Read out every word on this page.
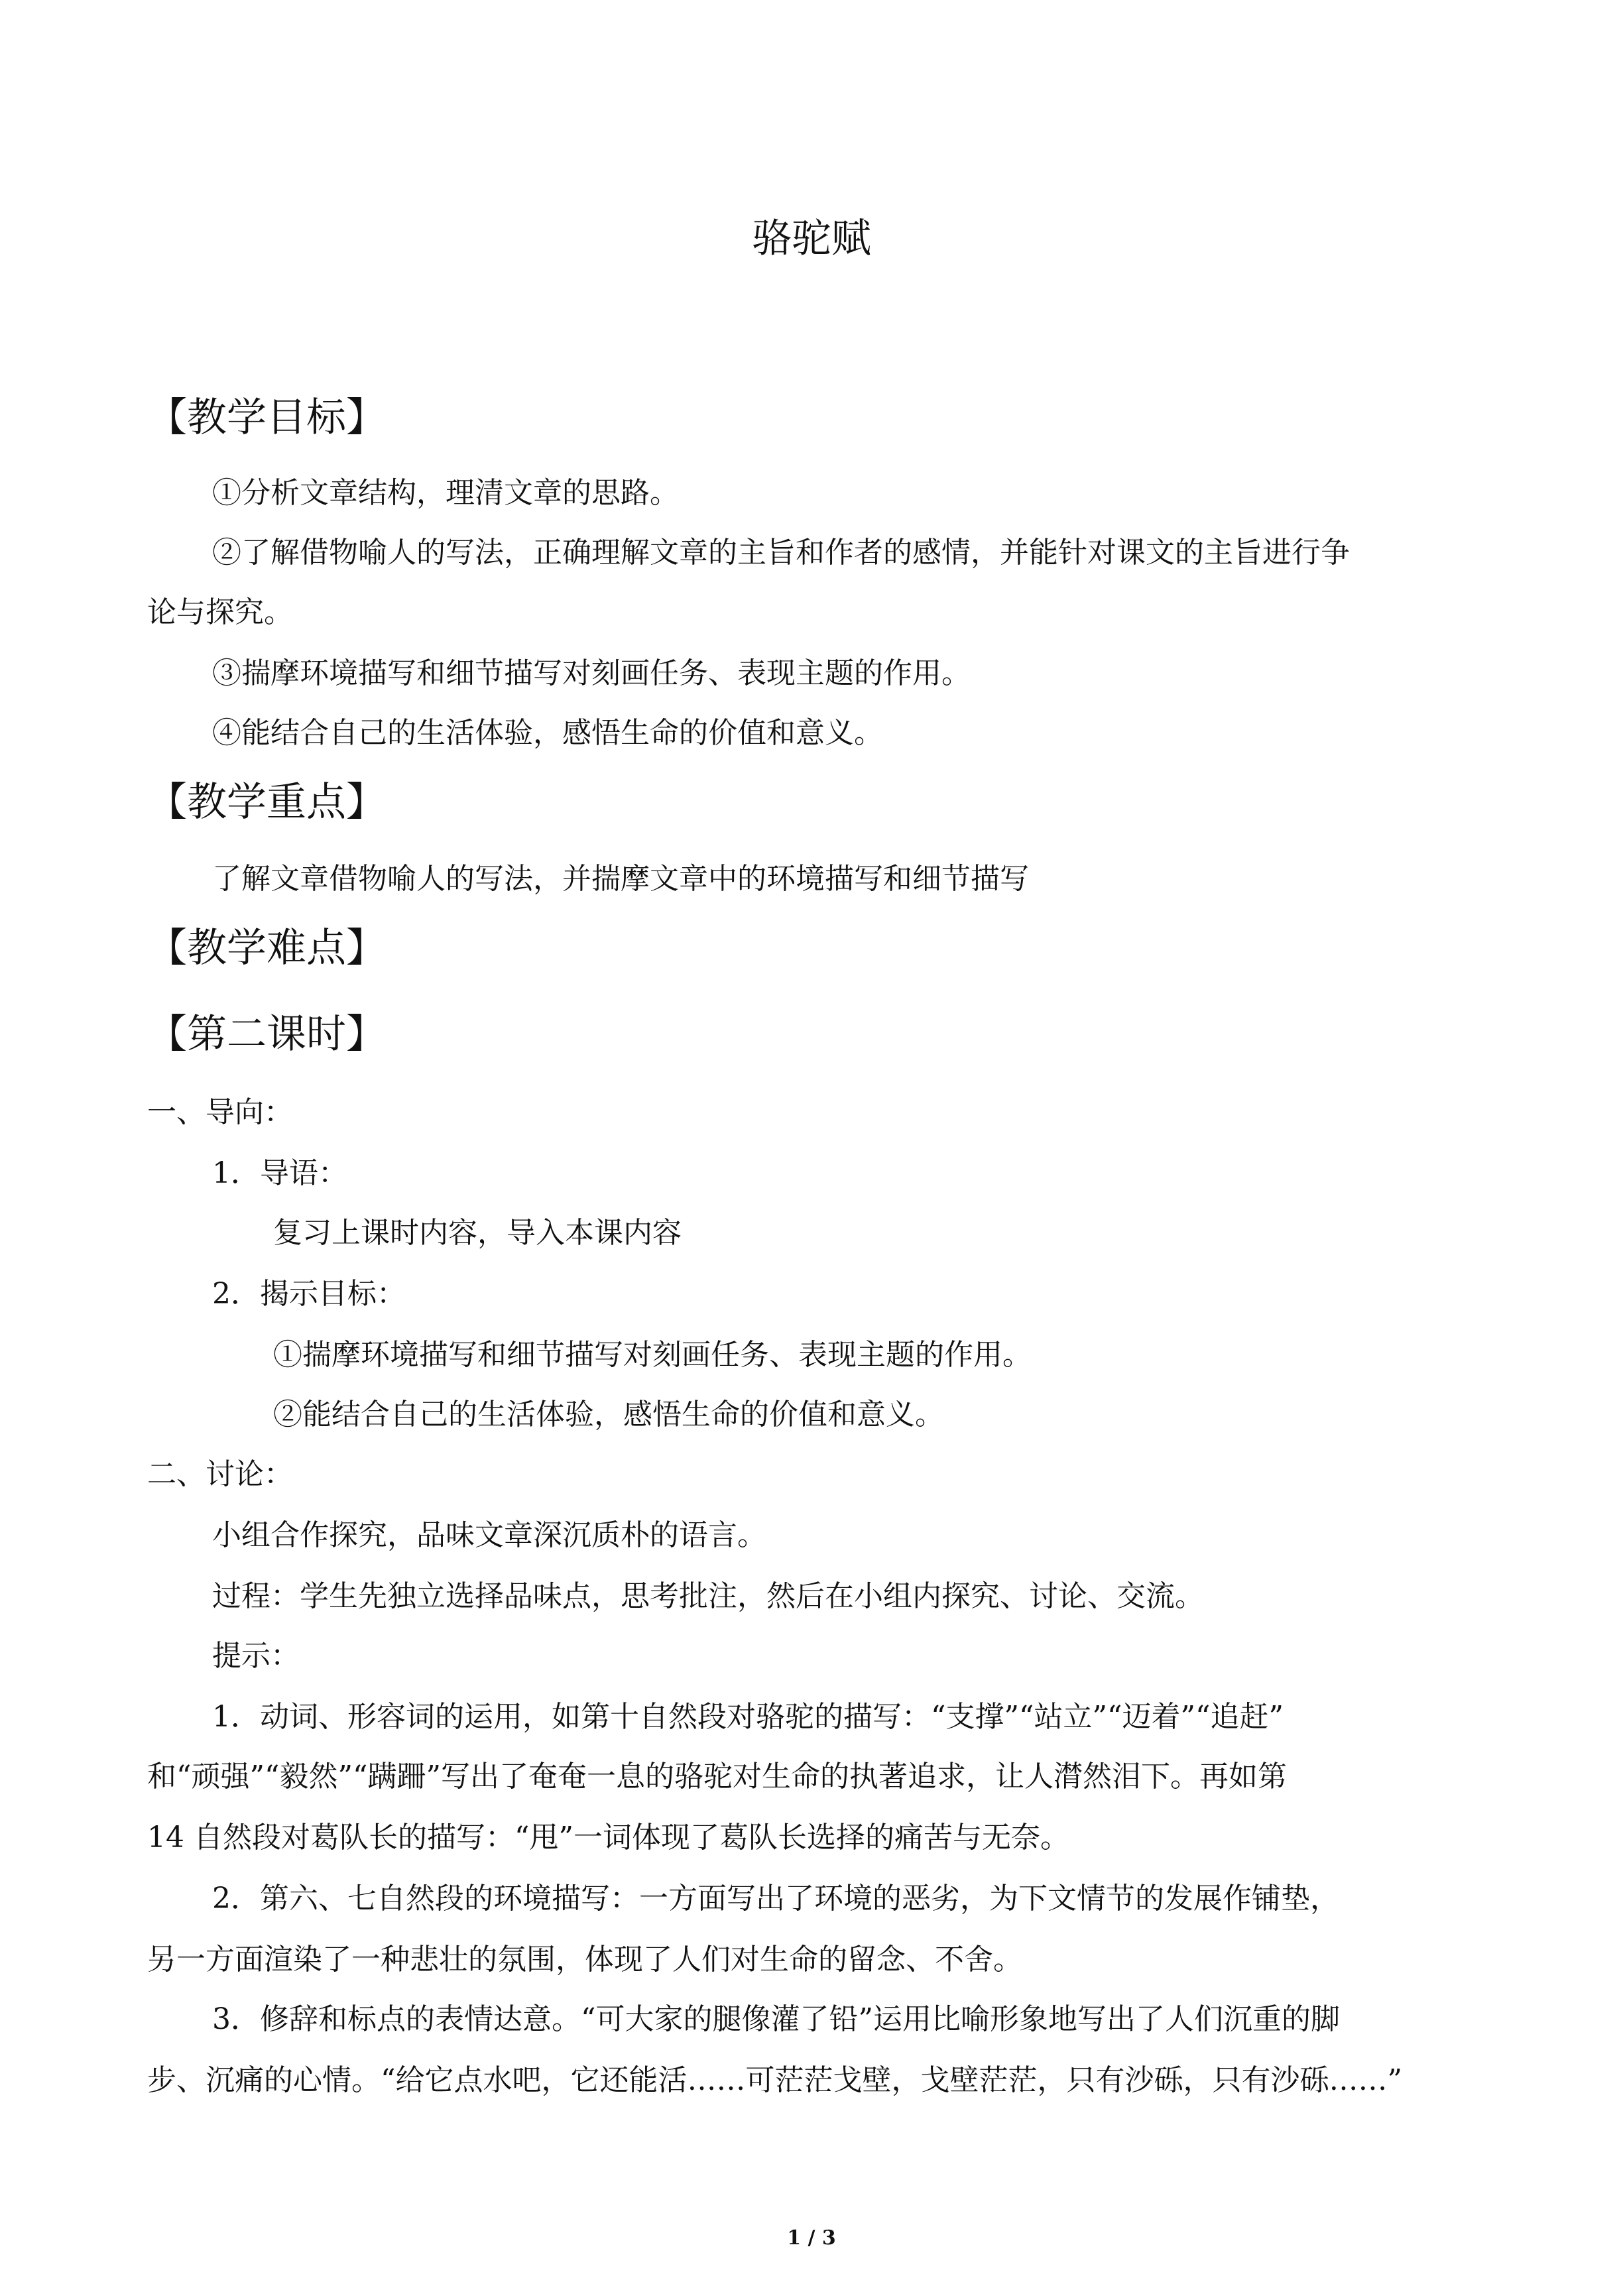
骆驼赋
【教学目标】
①分析文章结构，理清文章的思路。
②了解借物喻人的写法，正确理解文章的主旨和作者的感情，并能针对课文的主旨进行争
论与探究。
③揣摩环境描写和细节描写对刻画任务、表现主题的作用。
④能结合自己的生活体验，感悟生命的价值和意义。
【教学重点】
了解文章借物喻人的写法，并揣摩文章中的环境描写和细节描写
【教学难点】
【第二课时】
一、导向：
1．导语：
复习上课时内容，导入本课内容
2．揭示目标：
①揣摩环境描写和细节描写对刻画任务、表现主题的作用。
②能结合自己的生活体验，感悟生命的价值和意义。
二、讨论：
小组合作探究，品味文章深沉质朴的语言。
过程：学生先独立选择品味点，思考批注，然后在小组内探究、讨论、交流。
提示：
1．动词、形容词的运用，如第十自然段对骆驼的描写：“支撑”“站立”“迈着”“追赶”
和“顽强”“毅然”“蹒跚”写出了奄奄一息的骆驼对生命的执著追求，让人潸然泪下。再如第
14 自然段对葛队长的描写：“甩”一词体现了葛队长选择的痛苦与无奈。
2．第六、七自然段的环境描写：一方面写出了环境的恶劣，为下文情节的发展作铺垫，
另一方面渲染了一种悲壮的氛围，体现了人们对生命的留念、不舍。
3．修辞和标点的表情达意。“可大家的腿像灌了铅”运用比喻形象地写出了人们沉重的脚
步、沉痛的心情。“给它点水吧，它还能活……可茫茫戈壁，戈壁茫茫，只有沙砾，只有沙砾……”
1 / 3
